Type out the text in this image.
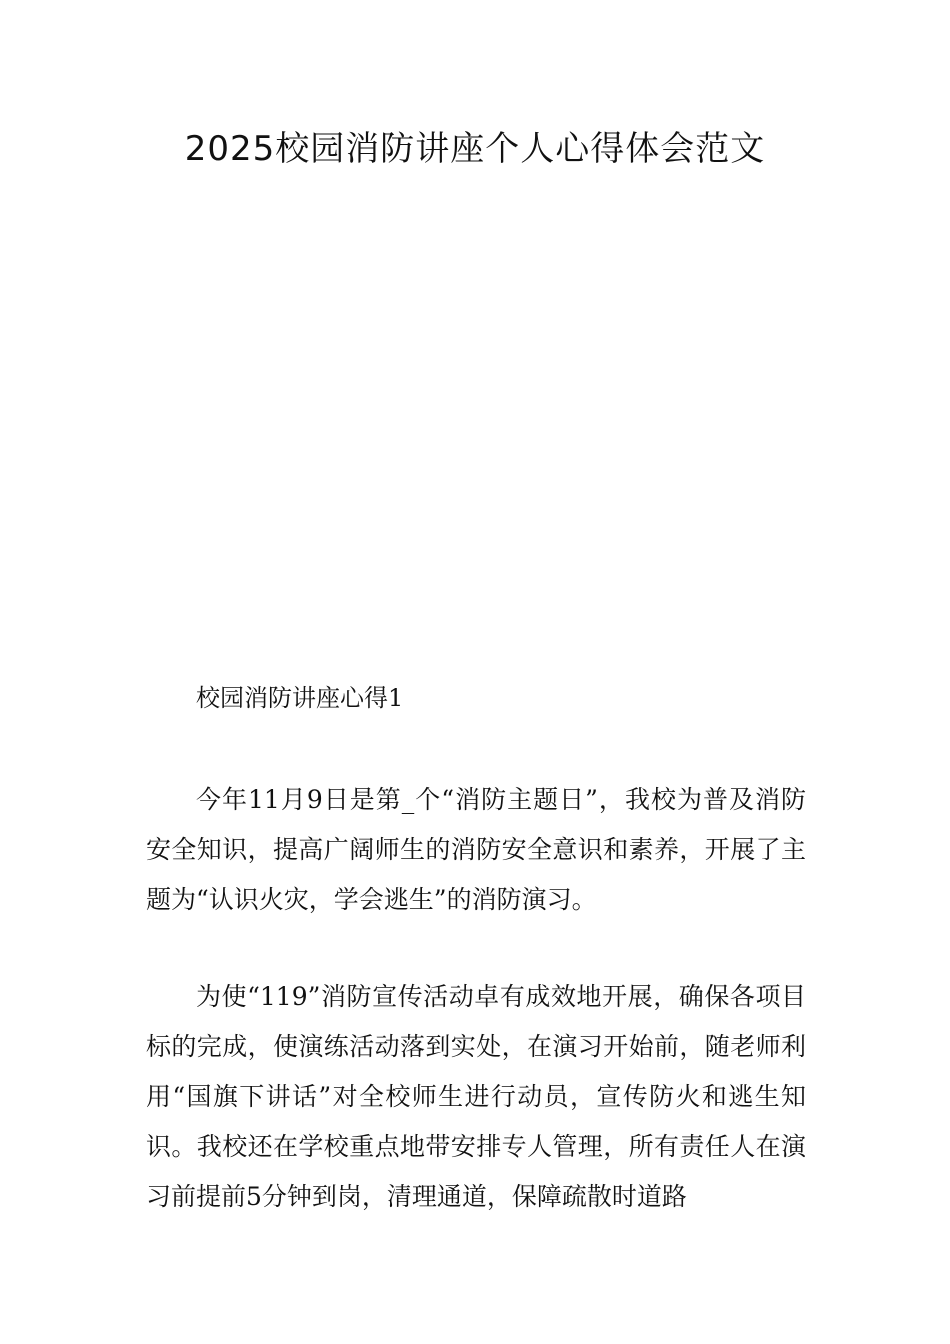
2025校园消防讲座个人心得体会范文
校园消防讲座心得1

今年11月9日是第_个“消防主题日”，我校为普及消防安全知识，提高广阔师生的消防安全意识和素养，开展了主题为“认识火灾，学会逃生”的消防演习。

为使“119”消防宣传活动卓有成效地开展，确保各项目标的完成，使演练活动落到实处，在演习开始前，随老师利用“国旗下讲话”对全校师生进行动员，宣传防火和逃生知识。我校还在学校重点地带安排专人管理，所有责任人在演习前提前5分钟到岗，清理通道，保障疏散时道路
